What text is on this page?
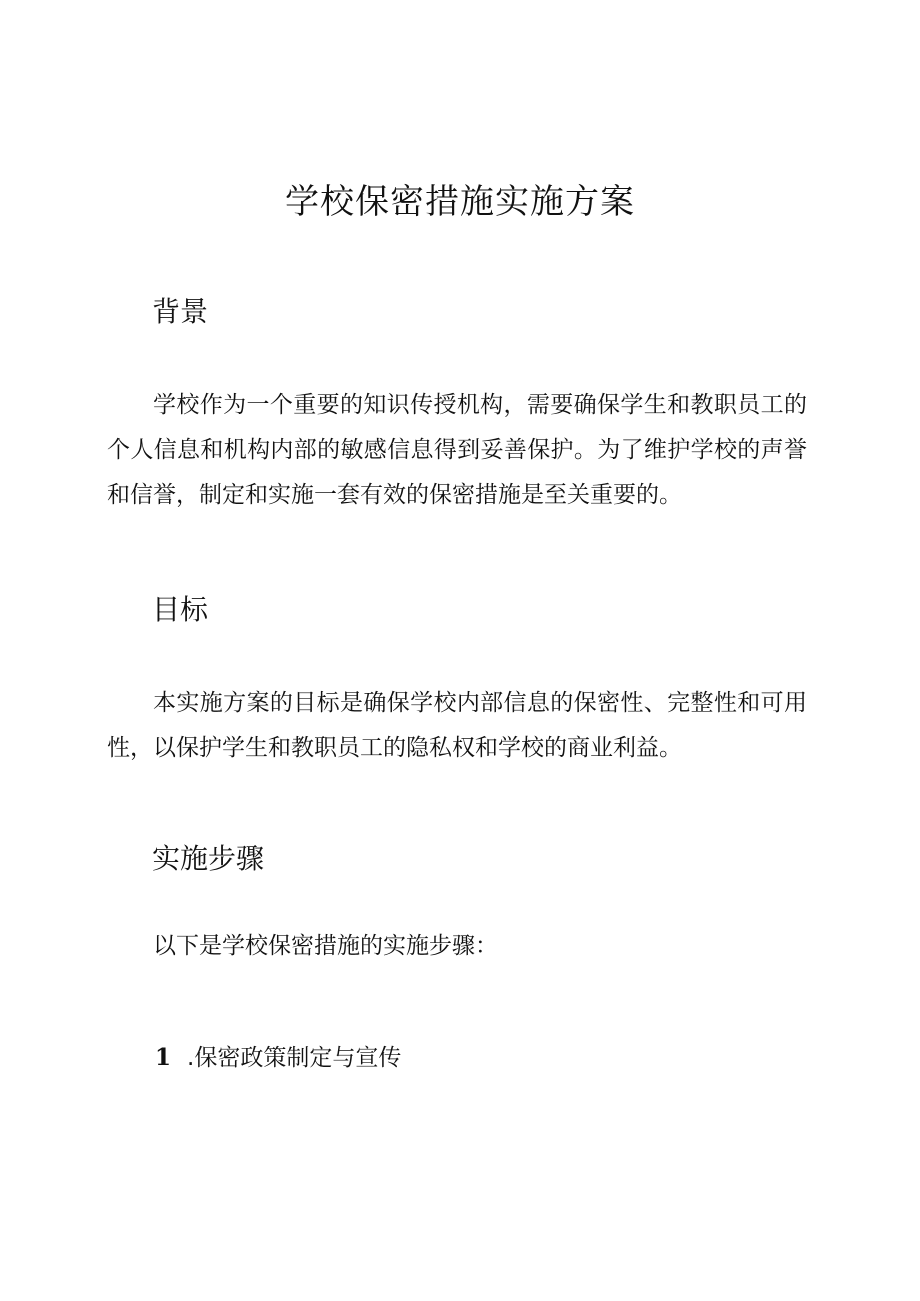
学校保密措施实施方案
背景

学校作为一个重要的知识传授机构，需要确保学生和教职员工的个人信息和机构内部的敏感信息得到妥善保护。为了维护学校的声誉和信誉，制定和实施一套有效的保密措施是至关重要的。

目标

本实施方案的目标是确保学校内部信息的保密性、完整性和可用性，以保护学生和教职员工的隐私权和学校的商业利益。

实施步骤

以下是学校保密措施的实施步骤：

1 .保密政策制定与宣传
